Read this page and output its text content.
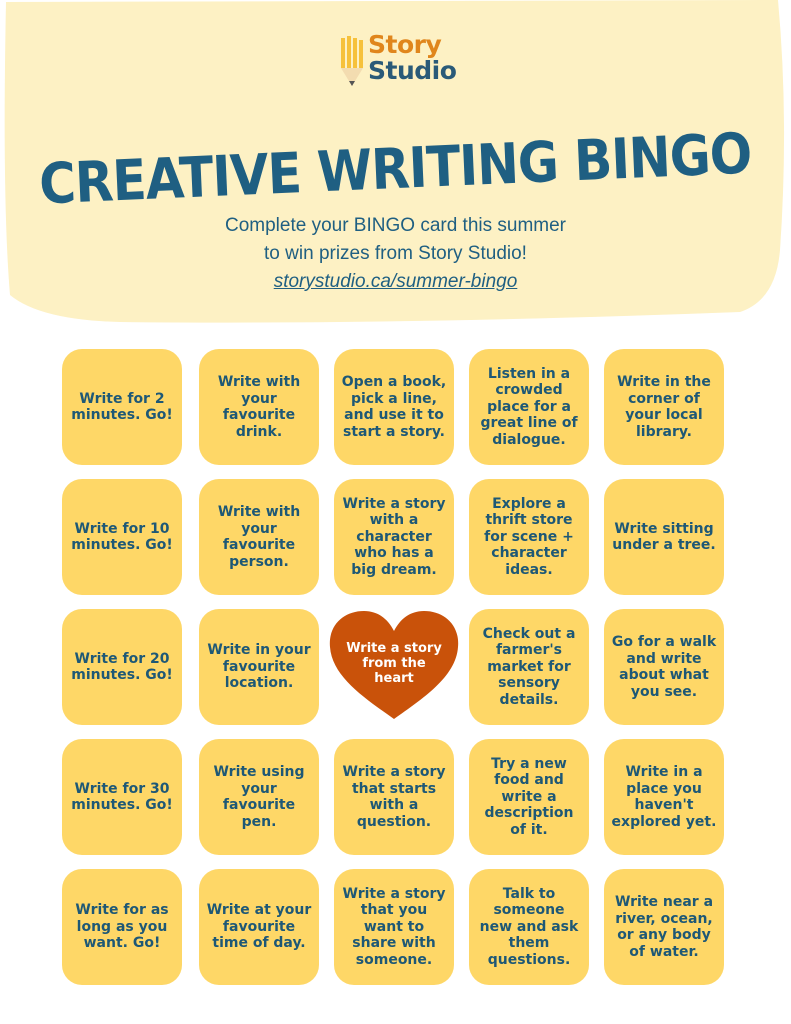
Story
Studio
CREATIVE WRITING BINGO
Complete your BINGO card this summer
to win prizes from Story Studio!
storystudio.ca/summer-bingo
Write for 2 minutes. Go!
Write with your favourite drink.
Open a book, pick a line, and use it to start a story.
Listen in a crowded place for a great line of dialogue.
Write in the corner of your local library.
Write for 10 minutes. Go!
Write with your favourite person.
Write a story with a character who has a big dream.
Explore a thrift store for scene + character ideas.
Write sitting under a tree.
Write for 20 minutes. Go!
Write in your favourite location.
Write a story from the heart
Check out a farmer's market for sensory details.
Go for a walk and write about what you see.
Write for 30 minutes. Go!
Write using your favourite pen.
Write a story that starts with a question.
Try a new food and write a description of it.
Write in a place you haven't explored yet.
Write for as long as you want. Go!
Write at your favourite time of day.
Write a story that you want to share with someone.
Talk to someone new and ask them questions.
Write near a river, ocean, or any body of water.
